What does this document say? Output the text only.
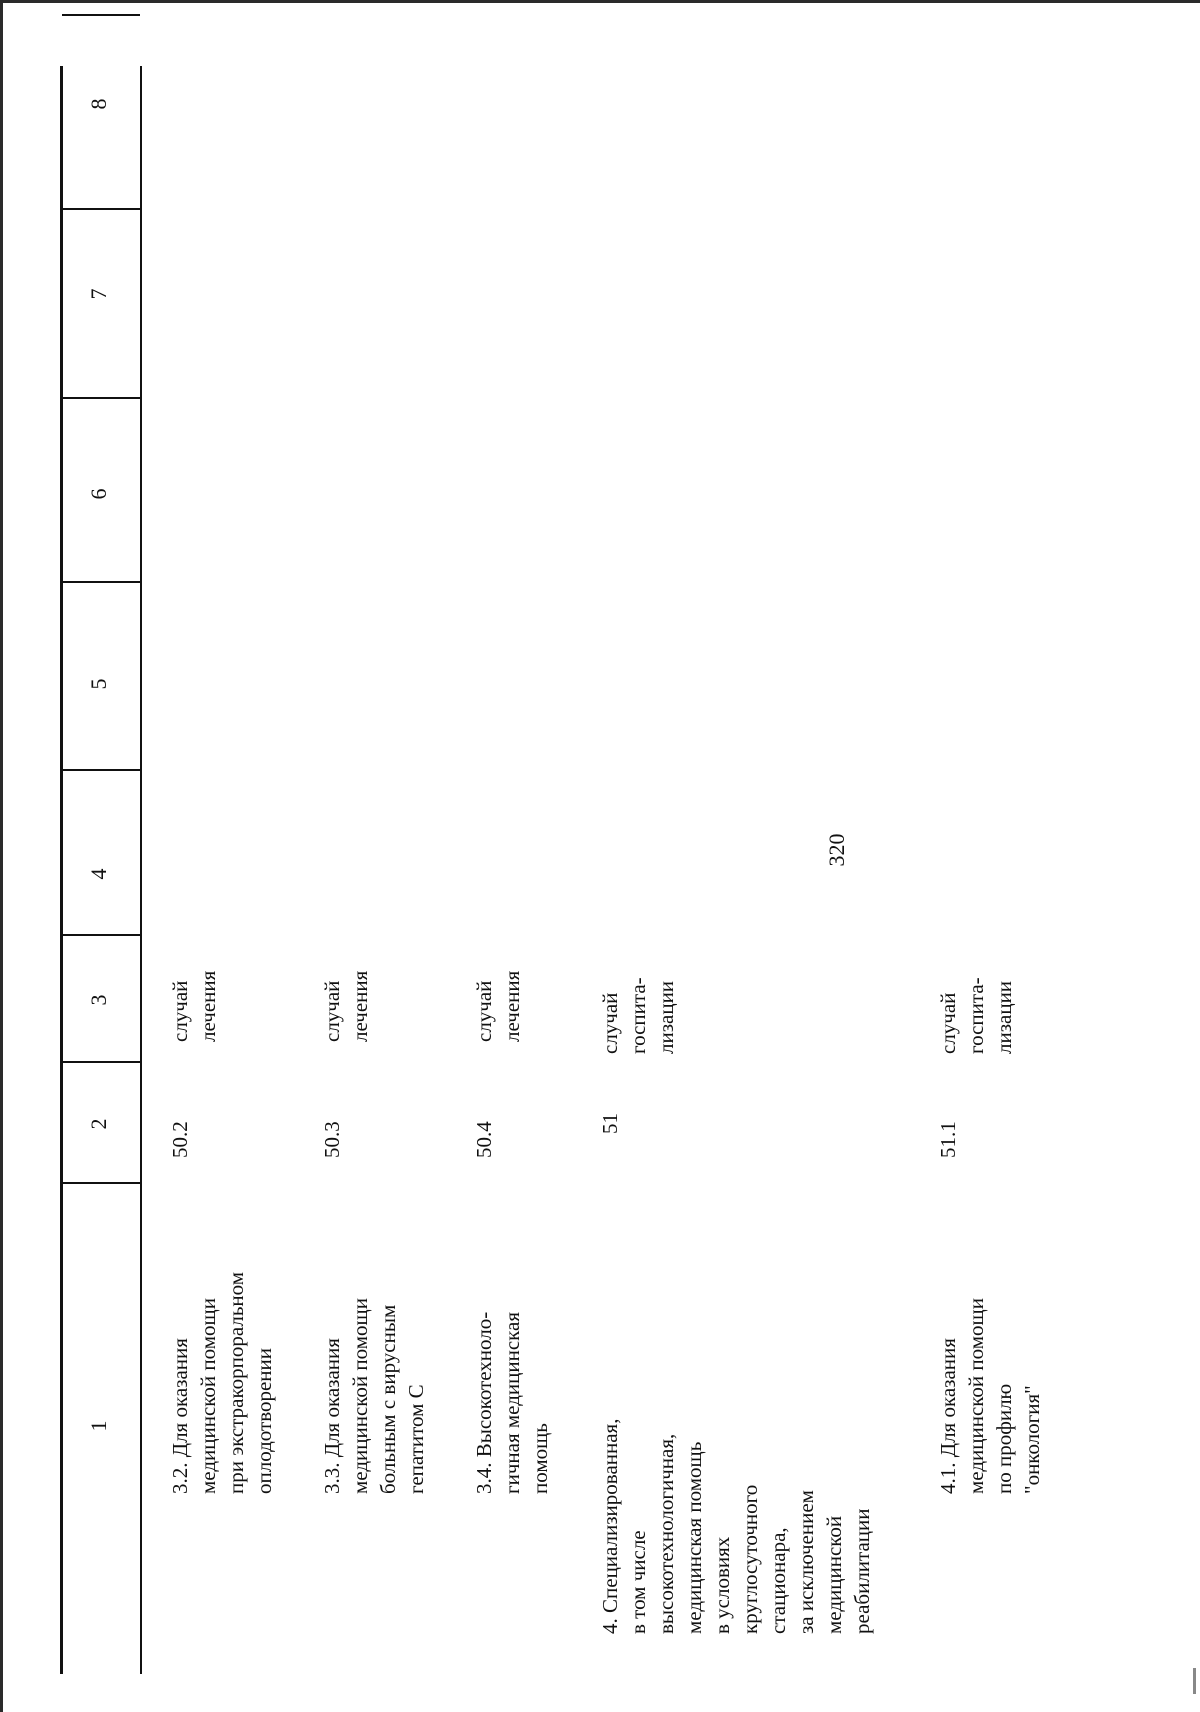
320
1
2
3
4
5
6
7
8
3.2. Для оказания
медицинской помощи
при экстракорпоральном
оплодотворении
50.2
случай
лечения
3.3. Для оказания
медицинской помощи
больным с вирусным
гепатитом С
50.3
случай
лечения
3.4. Высокотехноло-
гичная медицинская
помощь
50.4
случай
лечения
4. Специализированная,
в том числе
высокотехнологичная,
медицинская помощь
в условиях
круглосуточного
стационара,
за исключением
медицинской
реабилитации
51
случай
госпита-
лизации
4.1. Для оказания
медицинской помощи
по профилю
"онкология"
51.1
случай
госпита-
лизации
